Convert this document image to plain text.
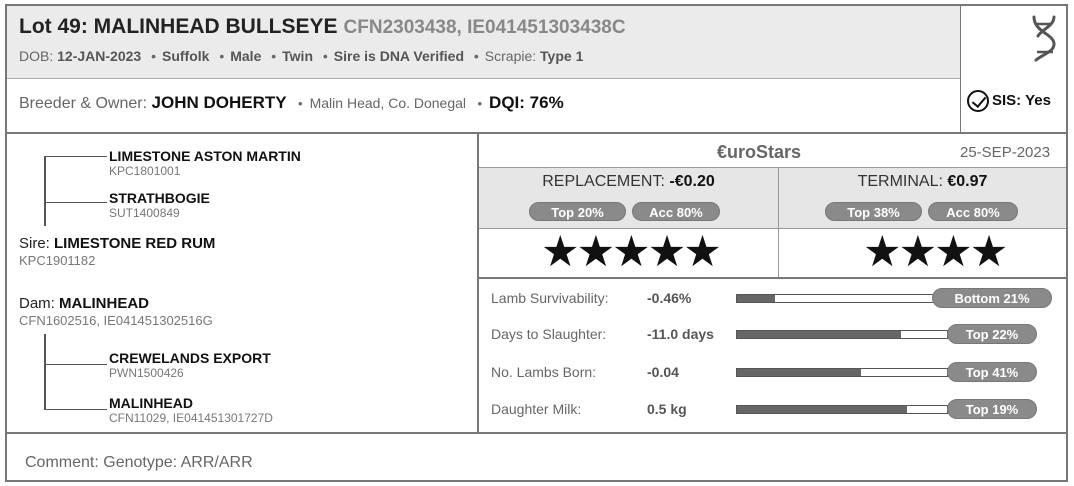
Lot 49: MALINHEAD BULLSEYE CFN2303438, IE041451303438C
DOB: 12-JAN-2023 • Suffolk • Male • Twin • Sire is DNA Verified • Scrapie: Type 1
Breeder & Owner: JOHN DOHERTY • Malin Head, Co. Donegal • DQI: 76%	SIS: Yes
LIMESTONE ASTON MARTIN
KPC1801001
STRATHBOGIE
SUT1400849
Sire: LIMESTONE RED RUM
KPC1901182
Dam: MALINHEAD
CFN1602516, IE041451302516G
CREWELANDS EXPORT
PWN1500426
MALINHEAD
CFN11029, IE041451301727D
€uroStars	25-SEP-2023
REPLACEMENT: -€0.20
Top 20%	Acc 80%
★★★★★
TERMINAL: €0.97
Top 38%	Acc 80%
★★★★
Lamb Survivability:	-0.46%	Bottom 21%
Days to Slaughter:	-11.0 days	Top 22%
No. Lambs Born:	-0.04	Top 41%
Daughter Milk:	0.5 kg	Top 19%
Comment: Genotype: ARR/ARR
